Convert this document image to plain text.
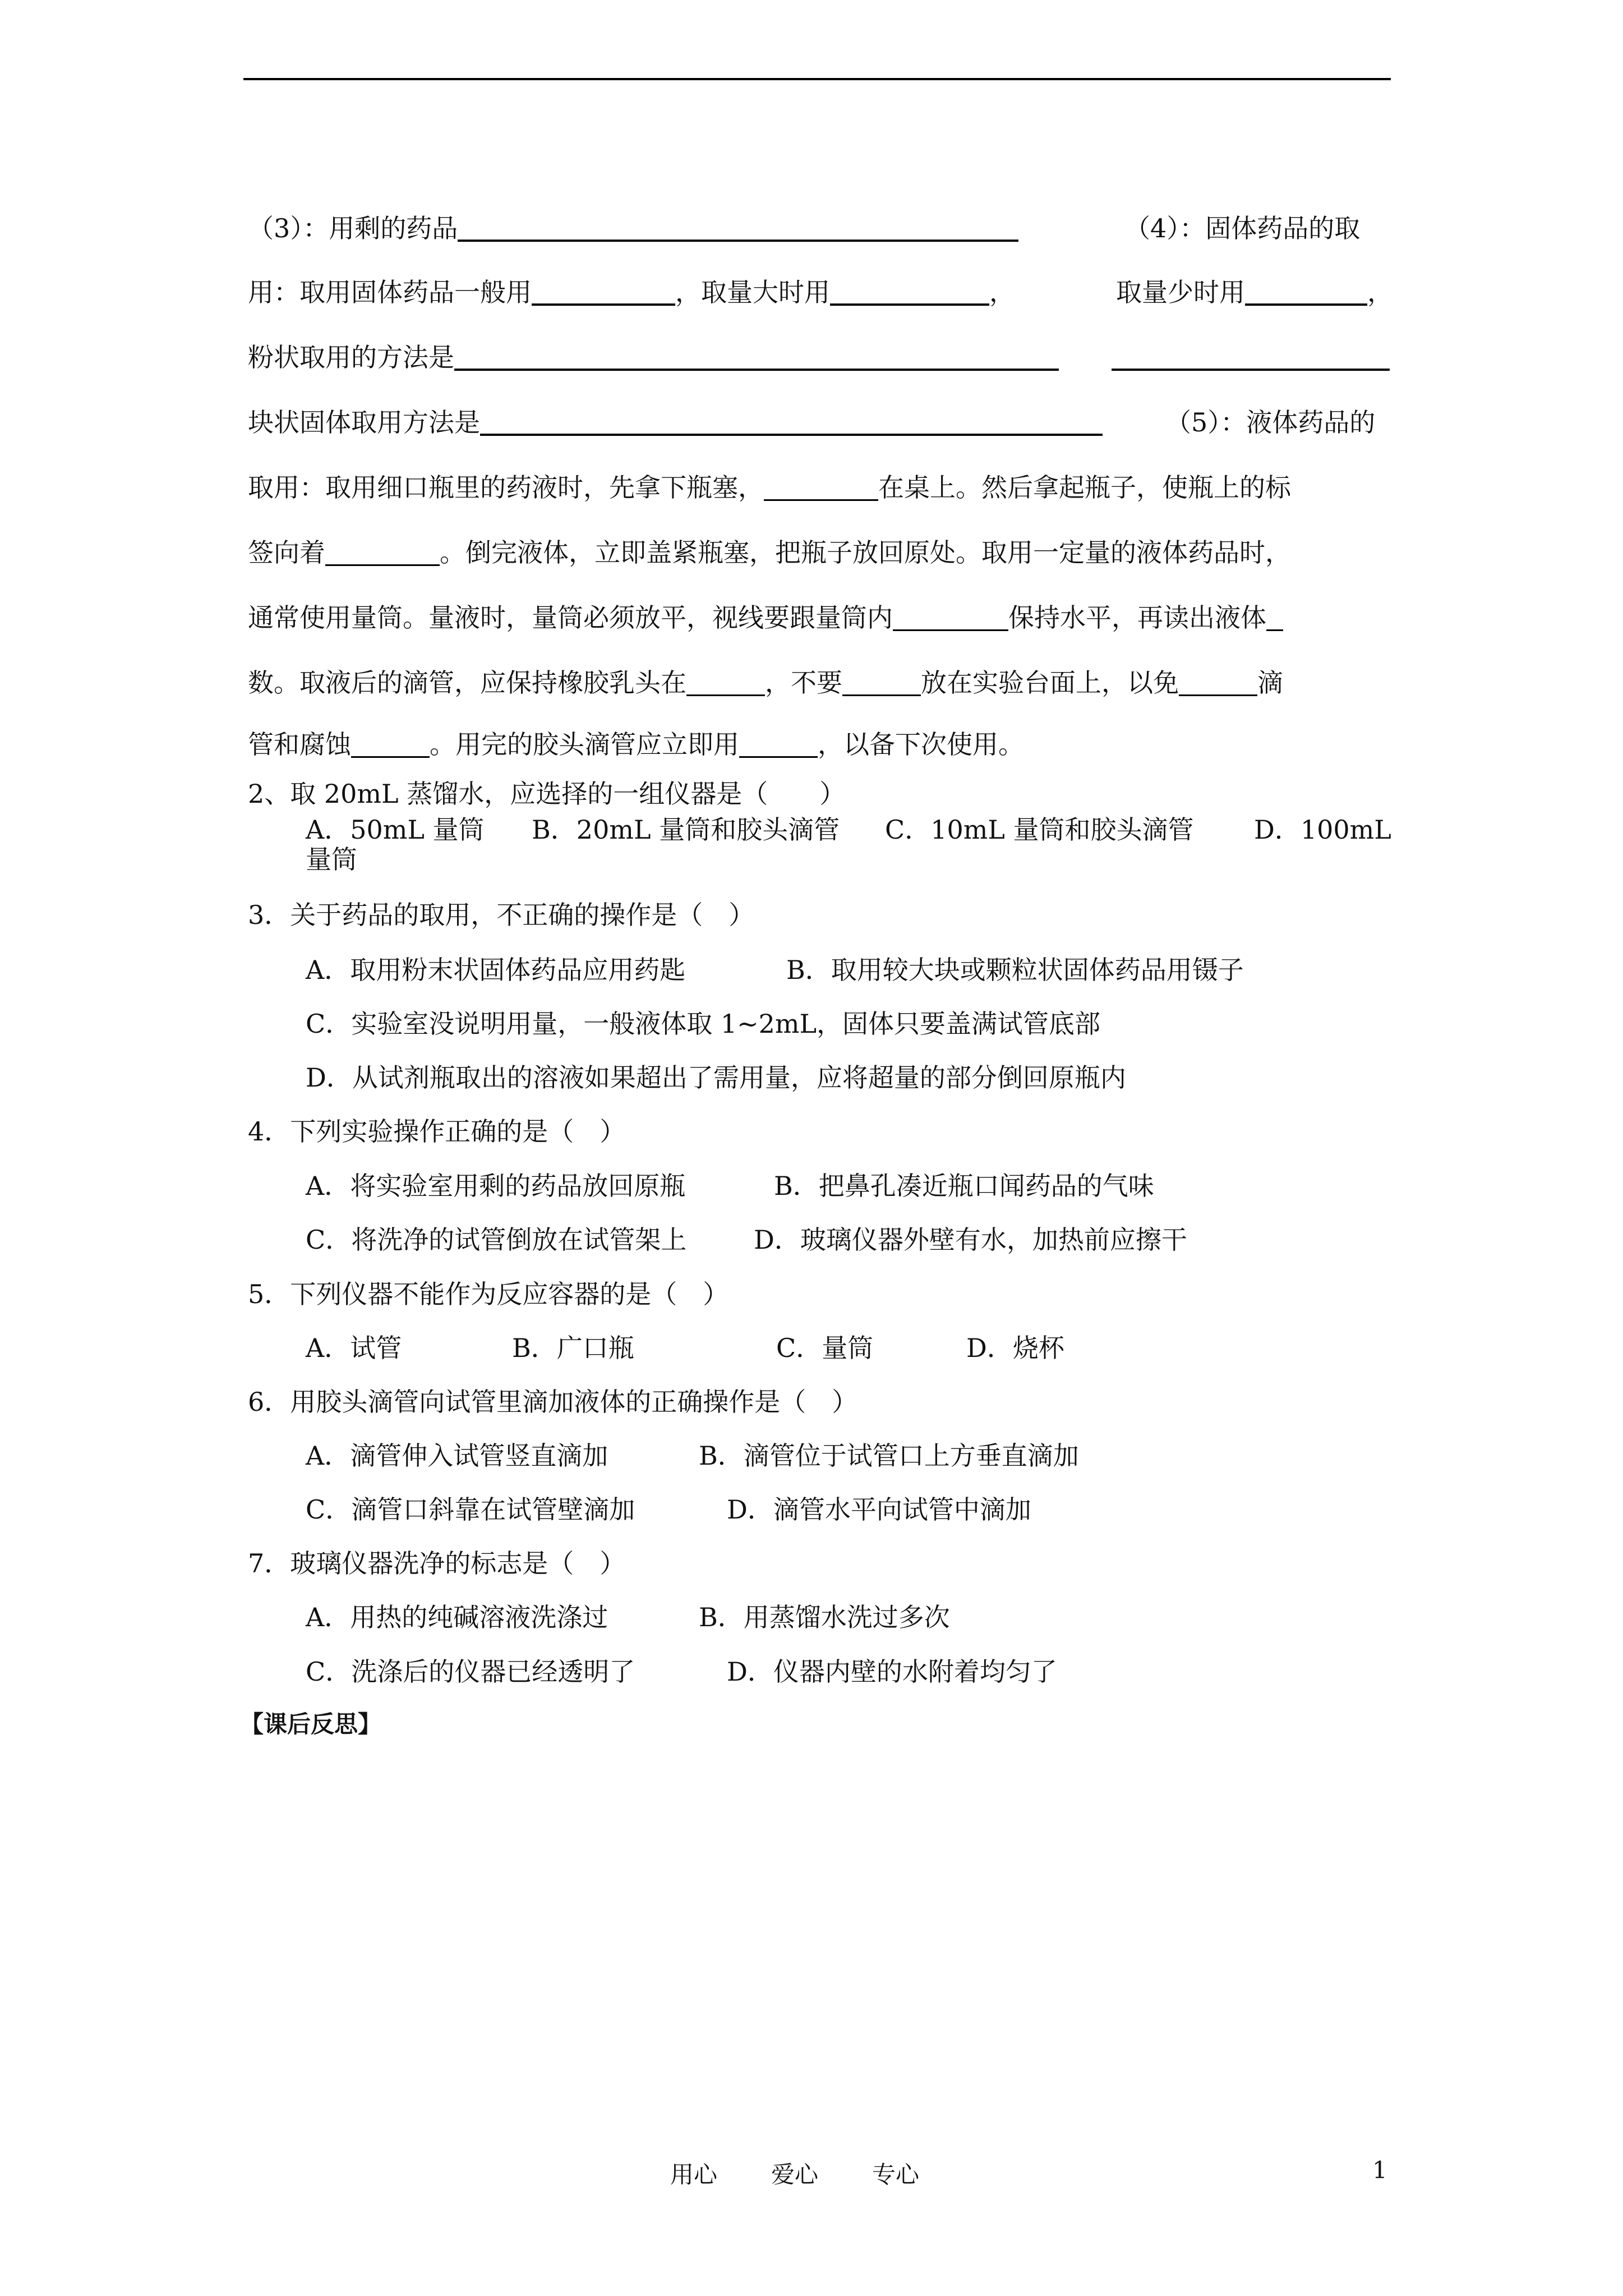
（3）：用剩的药品	（4）：固体药品的取
用：取用固体药品一般用	，取量大时用	，	取量少时用	，
粉状取用的方法是
块状固体取用方法是	（5）：液体药品的
取用：取用细口瓶里的药液时，先拿下瓶塞，	在桌上。然后拿起瓶子，使瓶上的标
签向着	。倒完液体，立即盖紧瓶塞，把瓶子放回原处。取用一定量的液体药品时，
通常使用量筒。量液时，量筒必须放平，视线要跟量筒内	保持水平，再读出液体
数。取液后的滴管，应保持橡胶乳头在	，不要	放在实验台面上，以免	滴
管和腐蚀	。用完的胶头滴管应立即用	，以备下次使用。
2、取 20mL 蒸馏水，应选择的一组仪器是（　　）
A．50mL 量筒 B．20mL 量筒和胶头滴管 C．10mL 量筒和胶头滴管 D．100mL
量筒
3．关于药品的取用，不正确的操作是（　）
A．取用粉末状固体药品应用药匙	B．取用较大块或颗粒状固体药品用镊子
C．实验室没说明用量，一般液体取 1~2mL，固体只要盖满试管底部
D．从试剂瓶取出的溶液如果超出了需用量，应将超量的部分倒回原瓶内
4．下列实验操作正确的是（　）
A．将实验室用剩的药品放回原瓶	B．把鼻孔凑近瓶口闻药品的气味
C．将洗净的试管倒放在试管架上	D．玻璃仪器外壁有水，加热前应擦干
5．下列仪器不能作为反应容器的是（　）
A．试管	B．广口瓶	C．量筒	D．烧杯
6．用胶头滴管向试管里滴加液体的正确操作是（　）
A．滴管伸入试管竖直滴加	B．滴管位于试管口上方垂直滴加
C．滴管口斜靠在试管壁滴加	D．滴管水平向试管中滴加
7．玻璃仪器洗净的标志是（　）
A．用热的纯碱溶液洗涤过	B．用蒸馏水洗过多次
C．洗涤后的仪器已经透明了	D．仪器内壁的水附着均匀了
【课后反思】
用心 爱心 专心	1
